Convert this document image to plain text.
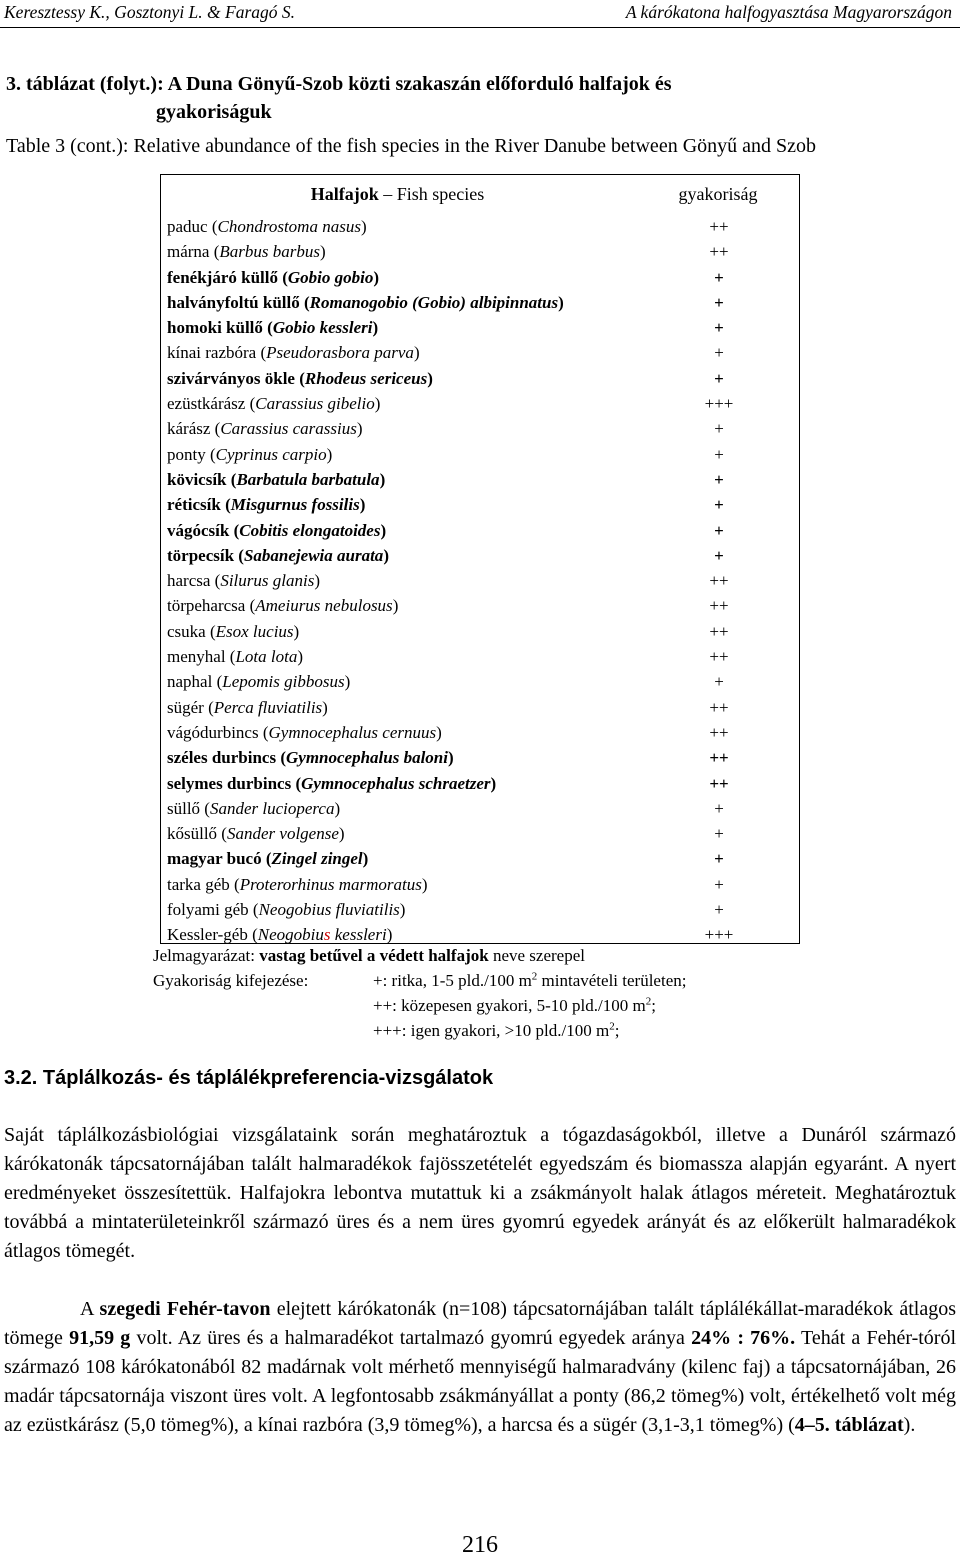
Keresztessy K., Gosztonyi L. & Faragó S.	A kárókatona halfogyasztása Magyarországon
3. táblázat (folyt.): A Duna Gönyű-Szob közti szakaszán előforduló halfajok és
gyakoriságuk
Table 3 (cont.): Relative abundance of the fish species in the River Danube between Gönyű and Szob
Halfajok – Fish species	gyakoriság
paduc (Chondrostoma nasus)	++
márna (Barbus barbus)	++
fenékjáró küllő (Gobio gobio)	+
halványfoltú küllő (Romanogobio (Gobio) albipinnatus)	+
homoki küllő (Gobio kessleri)	+
kínai razbóra (Pseudorasbora parva)	+
szivárványos ökle (Rhodeus sericeus)	+
ezüstkárász (Carassius gibelio)	+++
kárász (Carassius carassius)	+
ponty (Cyprinus carpio)	+
kövicsík (Barbatula barbatula)	+
réticsík (Misgurnus fossilis)	+
vágócsík (Cobitis elongatoides)	+
törpecsík (Sabanejewia aurata)	+
harcsa (Silurus glanis)	++
törpeharcsa (Ameiurus nebulosus)	++
csuka (Esox lucius)	++
menyhal (Lota lota)	++
naphal (Lepomis gibbosus)	+
sügér (Perca fluviatilis)	++
vágódurbincs (Gymnocephalus cernuus)	++
széles durbincs (Gymnocephalus baloni)	++
selymes durbincs (Gymnocephalus schraetzer)	++
süllő (Sander lucioperca)	+
kősüllő (Sander volgense)	+
magyar bucó (Zingel zingel)	+
tarka géb (Proterorhinus marmoratus)	+
folyami géb (Neogobius fluviatilis)	+
Kessler-géb (Neogobius kessleri)	+++
Jelmagyarázat: vastag betűvel a védett halfajok neve szerepel
Gyakoriság kifejezése:	+: ritka, 1-5 pld./100 $m^2$ mintavételi területen;
++: közepesen gyakori, 5-10 pld./100 $m^2$;
+++: igen gyakori, >10 pld./100 $m^2$;
3.2. Táplálkozás- és táplálékpreferencia-vizsgálatok
Saját táplálkozásbiológiai vizsgálataink során meghatároztuk a tógazdaságokból, illetve a Dunáról származó kárókatonák tápcsatornájában talált halmaradékok fajösszetételét egyedszám és biomassza alapján egyaránt. A nyert eredményeket összesítettük. Halfajokra lebontva mutattuk ki a zsákmányolt halak átlagos méreteit. Meghatároztuk továbbá a mintaterületeinkről származó üres és a nem üres gyomrú egyedek arányát és az előkerült halmaradékok átlagos tömegét.
A szegedi Fehér-tavon elejtett kárókatonák (n=108) tápcsatornájában talált táplálékállat-maradékok átlagos tömege 91,59 g volt. Az üres és a halmaradékot tartalmazó gyomrú egyedek aránya 24% : 76%. Tehát a Fehér-tóról származó 108 kárókatonából 82 madárnak volt mérhető mennyiségű halmaradvány (kilenc faj) a tápcsatornájában, 26 madár tápcsatornája viszont üres volt. A legfontosabb zsákmányállat a ponty (86,2 tömeg%) volt, értékelhető volt még az ezüstkárász (5,0 tömeg%), a kínai razbóra (3,9 tömeg%), a harcsa és a sügér (3,1-3,1 tömeg%) (4–5. táblázat).
216
